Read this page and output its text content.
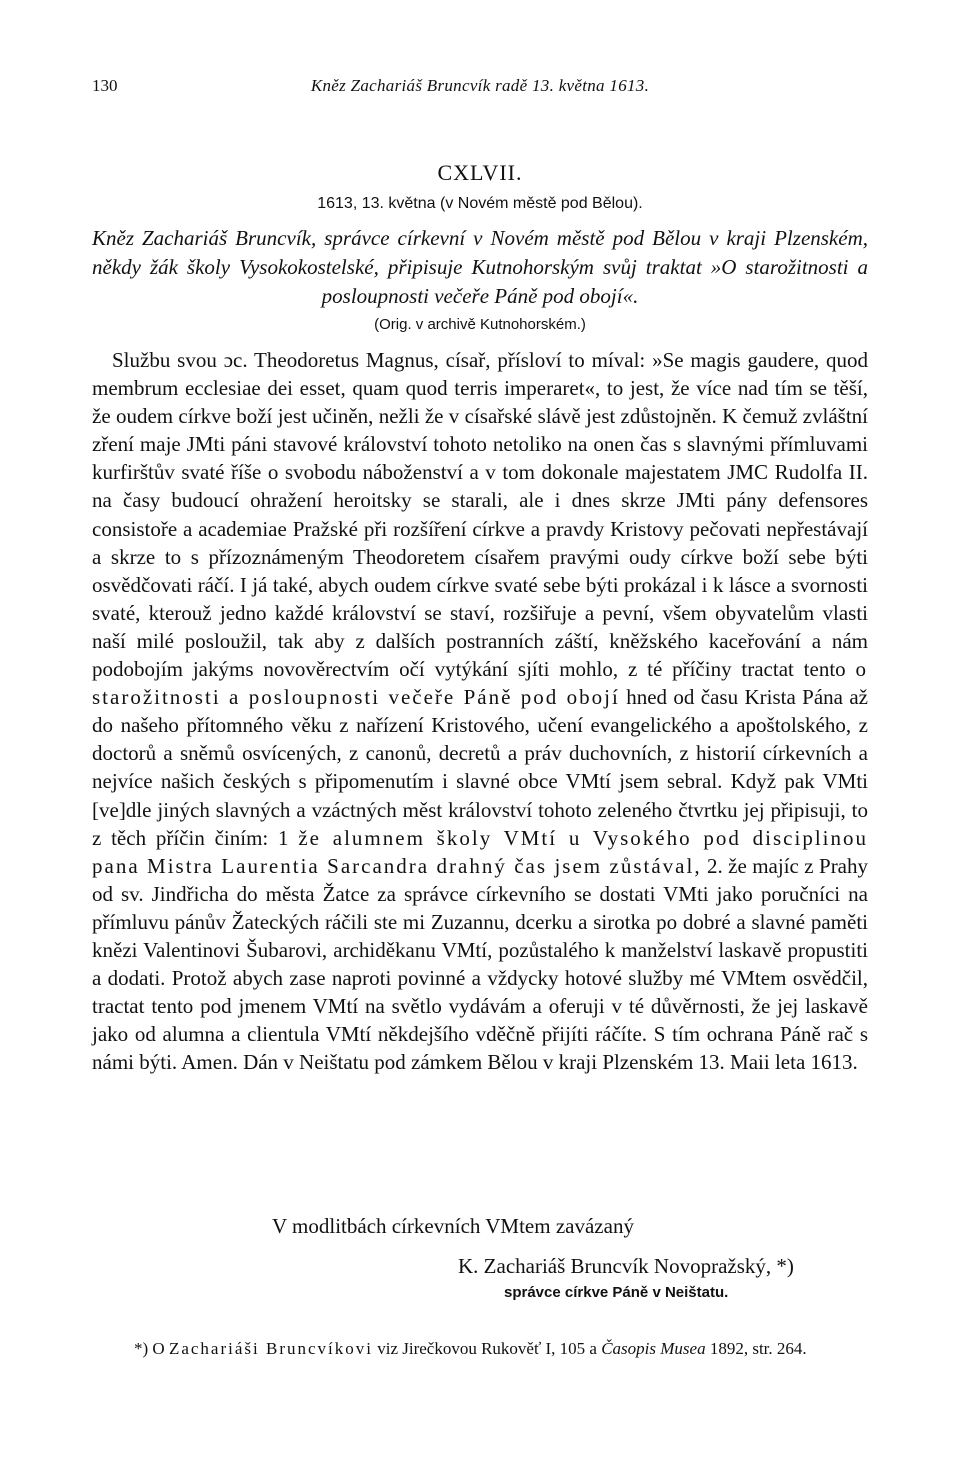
130	Kněz Zachariáš Bruncvík radě 13. května 1613.
CXLVII.
1613, 13. května (v Novém městě pod Bělou).
Kněz Zachariáš Bruncvík, správce církevní v Novém městě pod Bělou v kraji Plzenském, někdy žák školy Vysokokostelské, připisuje Kutnohorským svůj traktat »O starožitnosti a posloupnosti večeře Páně pod obojí«.
(Orig. v archivě Kutnohorském.)

Službu svou ɔc. Theodoretus Magnus, císař, přísloví to míval: »Se magis gaudere, quod membrum ecclesiae dei esset, quam quod terris imperaret«, to jest, že více nad tím se těší, že oudem církve boží jest učiněn, nežli že v císařské slávě jest zdůstojněn. K čemuž zvláštní zření maje JMti páni stavové království tohoto netoliko na onen čas s slavnými přímluvami kurfirštův svaté říše o svobodu náboženství a v tom dokonale majestatem JMC Rudolfa II. na časy budoucí ohražení heroitsky se starali, ale i dnes skrze JMti pány defensores consistoře a academiae Pražské při rozšíření církve a pravdy Kristovy pečovati nepřestávají a skrze to s přízoznámeným Theodoretem císařem pravými oudy církve boží sebe býti osvědčovati ráčí. I já také, abych oudem církve svaté sebe býti prokázal i k lásce a svornosti svaté, kterouž jedno každé království se staví, rozšiřuje a pevní, všem obyvatelům vlasti naší milé posloužil, tak aby z dalších postranních záští, kněžského kaceřování a nám podobojím jakýms novověrectvím očí vytýkání sjíti mohlo, z té příčiny tractat tento o starožitnosti a posloupnosti večeře Páně pod obojí hned od času Krista Pána až do našeho přítomného věku z nařízení Kristového, učení evangelického a apoštolského, z doctorů a sněmů osvícených, z canonů, decretů a práv duchovních, z historií církevních a nejvíce našich českých s připomenutím i slavné obce VMtí jsem sebral. Když pak VMti [ve]dle jiných slavných a vzáctných měst království tohoto zeleného čtvrtku jej připisuji, to z těch příčin činím: 1 že alumnem školy VMtí u Vysokého pod disciplinou pana Mistra Laurentia Sarcandra drahný čas jsem zůstával, 2. že majíc z Prahy od sv. Jindřicha do města Žatce za správce církevního se dostati VMti jako poručníci na přímluvu pánův Žateckých ráčili ste mi Zuzannu, dcerku a sirotka po dobré a slavné paměti knězi Valentinovi Šubarovi, archiděkanu VMtí, pozůstalého k manželství laskavě propustiti a dodati. Protož abych zase naproti povinné a vždycky hotové služby mé VMtem osvědčil, tractat tento pod jmenem VMtí na světlo vydávám a oferuji v té důvěrnosti, že jej laskavě jako od alumna a clientula VMtí někdejšího vděčně přijíti ráčíte. S tím ochrana Páně rač s námi býti. Amen. Dán v Neištatu pod zámkem Bělou v kraji Plzenském 13. Maii leta 1613.

V modlitbách církevních VMtem zavázaný
K. Zachariáš Bruncvík Novopražský, *)
správce církve Páně v Neištatu.
*) O Zachariáši Bruncvíkovi viz Jirečkovou Rukověť I, 105 a Časopis Musea 1892, str. 264.
